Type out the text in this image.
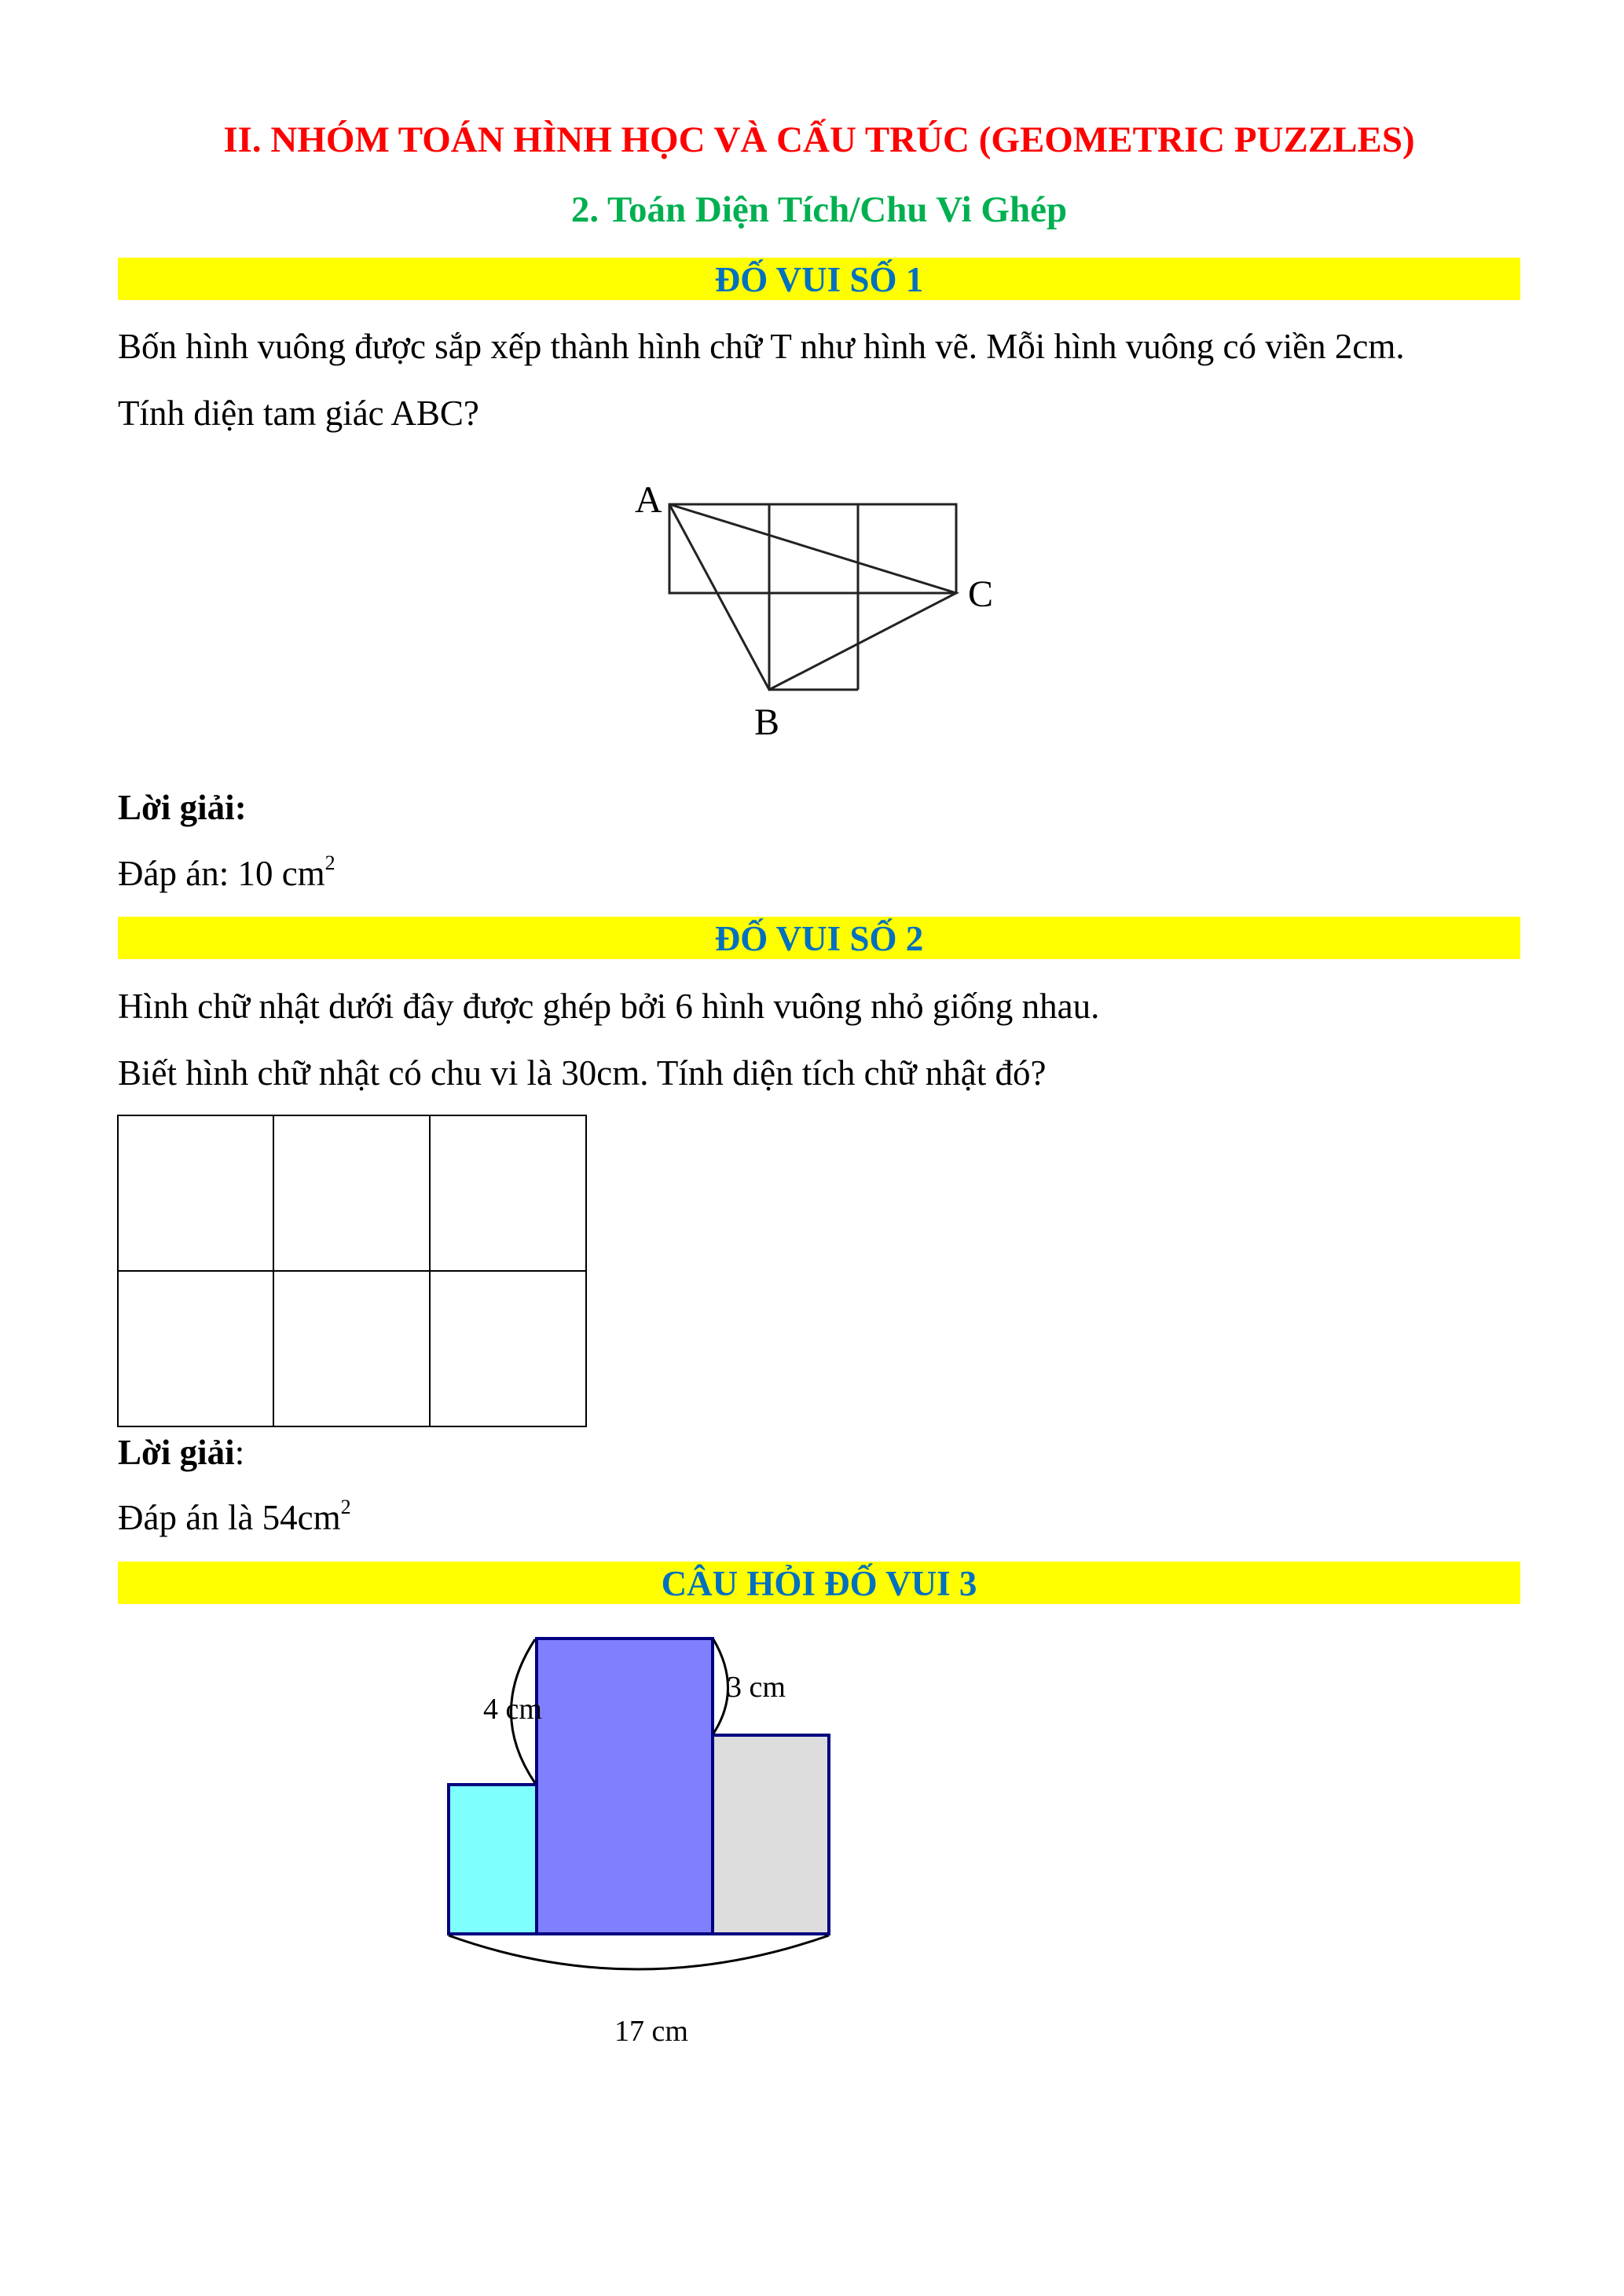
II. NHÓM TOÁN HÌNH HỌC VÀ CẤU TRÚC (GEOMETRIC PUZZLES)
2. Toán Diện Tích/Chu Vi Ghép
ĐỐ VUI SỐ 1
Bốn hình vuông được sắp xếp thành hình chữ T như hình vẽ. Mỗi hình vuông có viền 2cm.
Tính diện tam giác ABC?
A
C
B
Lời giải:
Đáp án: 10 $cm^2$
ĐỐ VUI SỐ 2
Hình chữ nhật dưới đây được ghép bởi 6 hình vuông nhỏ giống nhau.
Biết hình chữ nhật có chu vi là 30cm. Tính diện tích chữ nhật đó?
Lời giải:
Đáp án là $54cm^2$
CÂU HỎI ĐỐ VUI 3
4 cm
3 cm
17 cm
